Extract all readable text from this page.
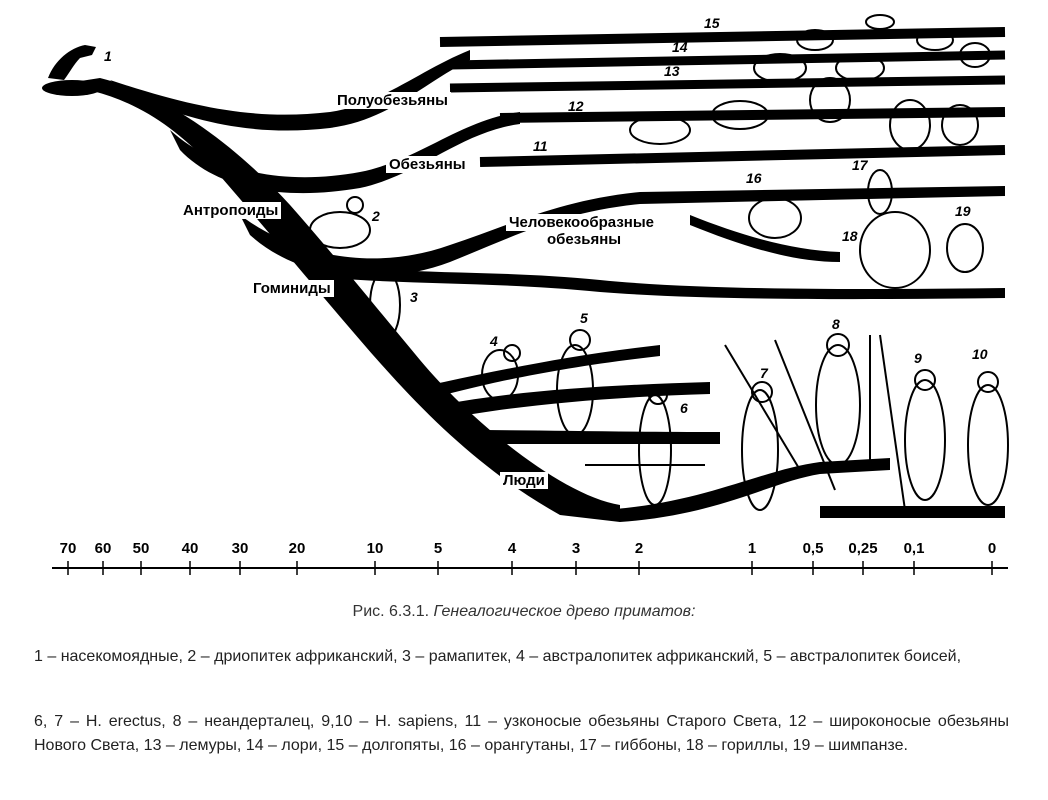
Полуобезьяны
Обезьяны
Антропоиды
Человекообразные
обезьяны
Гоминиды
Люди
1
2
3
4
5
6
7
8
9	10
11
12
13
14
15
16
17
18
19
70 60 50 40 30	20	10	5	4	3	2	1	0,5 0,25 0,1	0
Рис. 6.3.1. Генеалогическое древо приматов:

1 – насекомоядные, 2 – дриопитек африканский, 3 – рамапитек, 4 – австралопитек африканский, 5 – австралопитек боисей,

6, 7 – H. erectus, 8 – неандерталец, 9,10 – H. sapiens, 11 – узконосые обезьяны Старого Света, 12 – широконосые обезьяны Нового Света, 13 – лемуры, 14 – лори, 15 – долгопяты, 16 – орангутаны, 17 – гиббоны, 18 – гориллы, 19 – шимпанзе.
